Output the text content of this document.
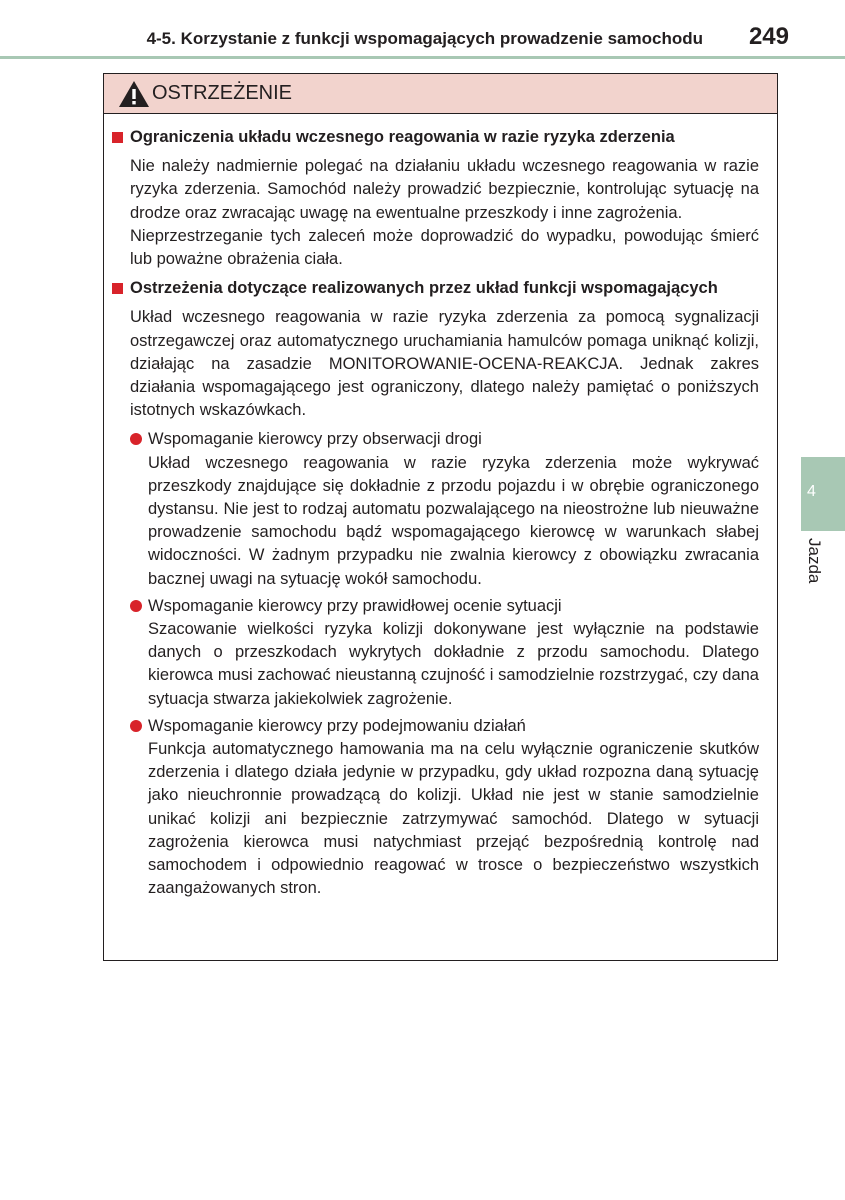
4-5. Korzystanie z funkcji wspomagających prowadzenie samochodu 249
4
Jazda
OSTRZEŻENIE
Ograniczenia układu wczesnego reagowania w razie ryzyka zderzenia

Nie należy nadmiernie polegać na działaniu układu wczesnego reagowania w razie ryzyka zderzenia. Samochód należy prowadzić bezpiecznie, kontrolując sytuację na drodze oraz zwracając uwagę na ewentualne przeszkody i inne zagrożenia.

Nieprzestrzeganie tych zaleceń może doprowadzić do wypadku, powodując śmierć lub poważne obrażenia ciała.

Ostrzeżenia dotyczące realizowanych przez układ funkcji wspomagających

Układ wczesnego reagowania w razie ryzyka zderzenia za pomocą sygnalizacji ostrzegawczej oraz automatycznego uruchamiania hamulców pomaga uniknąć kolizji, działając na zasadzie MONITOROWANIE-OCENA-REAKCJA. Jednak zakres działania wspomagającego jest ograniczony, dlatego należy pamiętać o poniższych istotnych wskazówkach.

Wspomaganie kierowcy przy obserwacji drogi
Układ wczesnego reagowania w razie ryzyka zderzenia może wykrywać przeszkody znajdujące się dokładnie z przodu pojazdu i w obrębie ograniczonego dystansu. Nie jest to rodzaj automatu pozwalającego na nieostrożne lub nieuważne prowadzenie samochodu bądź wspomagającego kierowcę w warunkach słabej widoczności. W żadnym przypadku nie zwalnia kierowcy z obowiązku zwracania bacznej uwagi na sytuację wokół samochodu.
Wspomaganie kierowcy przy prawidłowej ocenie sytuacji
Szacowanie wielkości ryzyka kolizji dokonywane jest wyłącznie na podstawie danych o przeszkodach wykrytych dokładnie z przodu samochodu. Dlatego kierowca musi zachować nieustanną czujność i samodzielnie rozstrzygać, czy dana sytuacja stwarza jakiekolwiek zagrożenie.
Wspomaganie kierowcy przy podejmowaniu działań
Funkcja automatycznego hamowania ma na celu wyłącznie ograniczenie skutków zderzenia i dlatego działa jedynie w przypadku, gdy układ rozpozna daną sytuację jako nieuchronnie prowadzącą do kolizji. Układ nie jest w stanie samodzielnie unikać kolizji ani bezpiecznie zatrzymywać samochód. Dlatego w sytuacji zagrożenia kierowca musi natychmiast przejąć bezpośrednią kontrolę nad samochodem i odpowiednio reagować w trosce o bezpieczeństwo wszystkich zaangażowanych stron.
